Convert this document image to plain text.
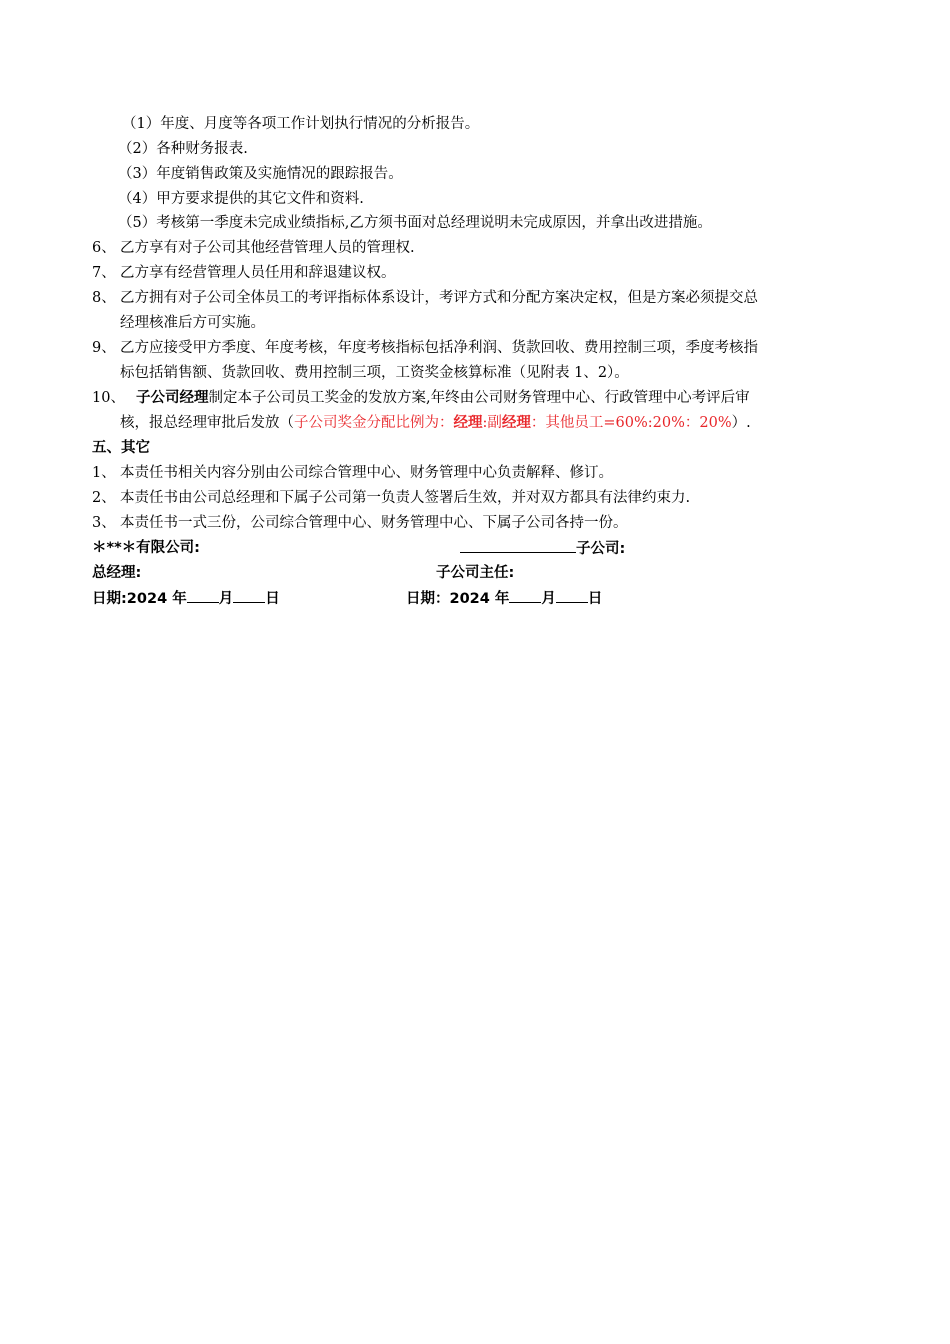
（1）年度、月度等各项工作计划执行情况的分析报告。
（2）各种财务报表.
（3）年度销售政策及实施情况的跟踪报告。
（4）甲方要求提供的其它文件和资料.
（5）考核第一季度未完成业绩指标,乙方须书面对总经理说明未完成原因，并拿出改进措施。
6、 乙方享有对子公司其他经营管理人员的管理权.
7、 乙方享有经营管理人员任用和辞退建议权。
8、 乙方拥有对子公司全体员工的考评指标体系设计，考评方式和分配方案决定权，但是方案必须提交总
经理核准后方可实施。
9、 乙方应接受甲方季度、年度考核，年度考核指标包括净利润、货款回收、费用控制三项，季度考核指
标包括销售额、货款回收、费用控制三项，工资奖金核算标准（见附表 1、2）。
10、 子公司经理制定本子公司员工奖金的发放方案,年终由公司财务管理中心、行政管理中心考评后审
核，报总经理审批后发放（子公司奖金分配比例为：经理:副经理：其他员工=60%:20%：20%）.
五、其它
1、 本责任书相关内容分别由公司综合管理中心、财务管理中心负责解释、修订。
2、 本责任书由公司总经理和下属子公司第一负责人签署后生效，并对双方都具有法律约束力.
3、 本责任书一式三份，公司综合管理中心、财务管理中心、下属子公司各持一份。
＊**＊有限公司:	子公司:
总经理:	子公司主任:
日期:2024 年 月 日	日期：2024 年 月 日
